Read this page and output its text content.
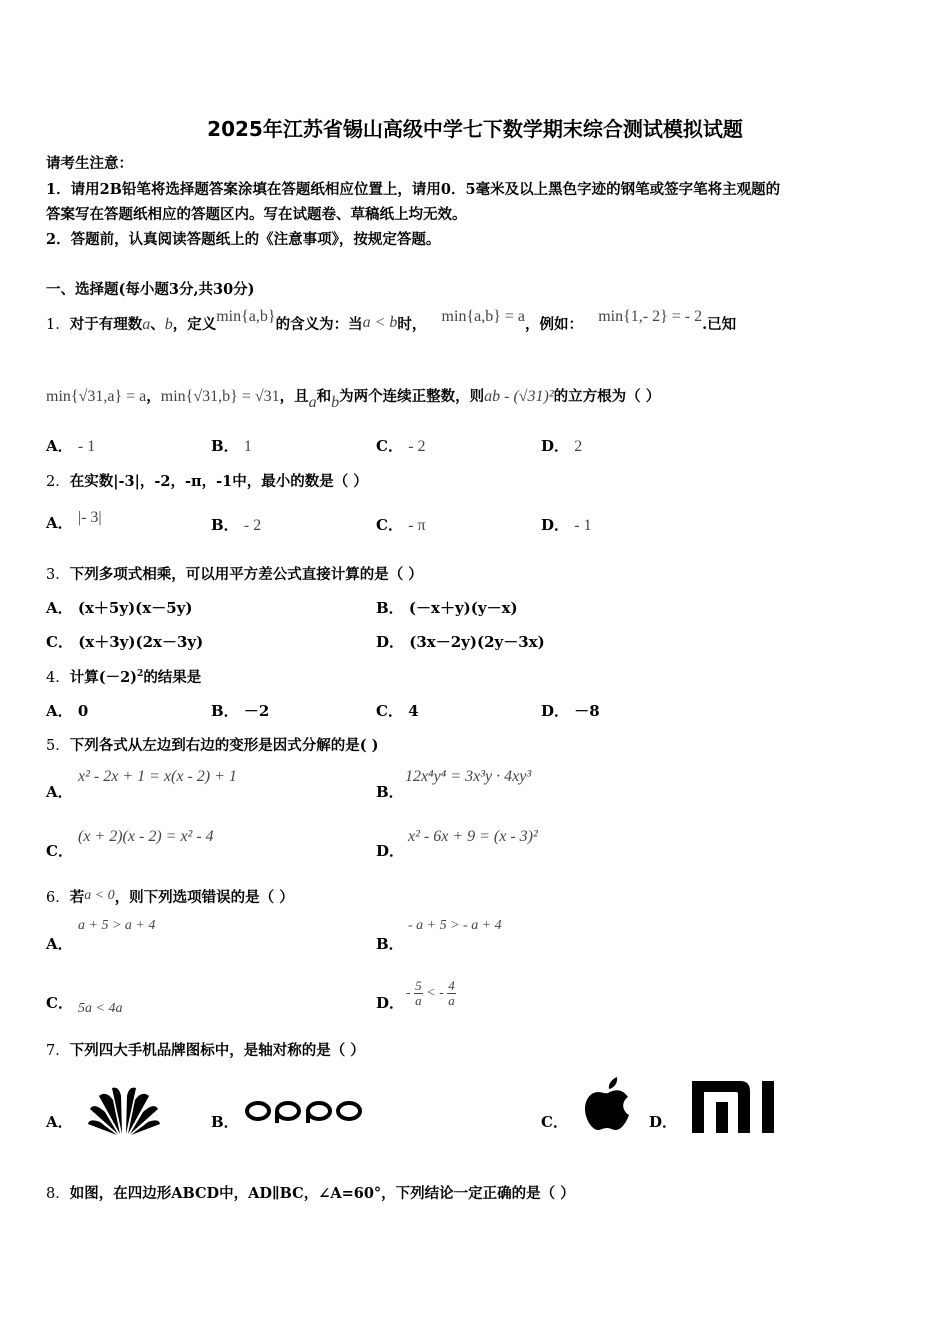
2025年江苏省锡山高级中学七下数学期末综合测试模拟试题
请考生注意：
1．请用2B铅笔将选择题答案涂填在答题纸相应位置上，请用0．5毫米及以上黑色字迹的钢笔或签字笔将主观题的
答案写在答题纸相应的答题区内。写在试题卷、草稿纸上均无效。
2．答题前，认真阅读答题纸上的《注意事项》，按规定答题。
一、选择题(每小题3分,共30分)
1．对于有理数a、b，定义min{a,b}的含义为：当a < b时， min{a,b} = a，例如： min{1,- 2} = - 2.已知
min{√31,a} = a，min{√31,b} = √31，且a和b为两个连续正整数，则ab - (√31)²的立方根为（ ）
A． - 1	B． 1	C． - 2	D． 2
2．在实数|-3|，-2，-π，-1中，最小的数是（ ）
A． |- 3|	B． - 2	C． - π	D． - 1
3．下列多项式相乘，可以用平方差公式直接计算的是（ ）
A． (x＋5y)(x－5y)	B． (－x＋y)(y－x)
C． (x＋3y)(2x－3y)	D． (3x－2y)(2y－3x)
4．计算$(-2)^2$的结果是
A． 0	B． －2	C． 4	D． －8
5．下列各式从左边到右边的变形是因式分解的是( )
A．
x² - 2x + 1 = x(x - 2) + 1
B．
12x⁴y⁴ = 3x³y · 4xy³
C．
(x + 2)(x - 2) = x² - 4
D．
x² - 6x + 9 = (x - 3)²
6．若a < 0，则下列选项错误的是（ ）
A．
a + 5 > a + 4
B．
- a + 5 > - a + 4
C． 5a < 4a	D．
- $\frac{5}{a}$ < - $\frac{4}{a}$
7．下列四大手机品牌图标中，是轴对称的是（ ）
A．	B．
oppo
C．	D．
8．如图，在四边形ABCD中，AD∥BC，∠A=60°，下列结论一定正确的是（ ）
